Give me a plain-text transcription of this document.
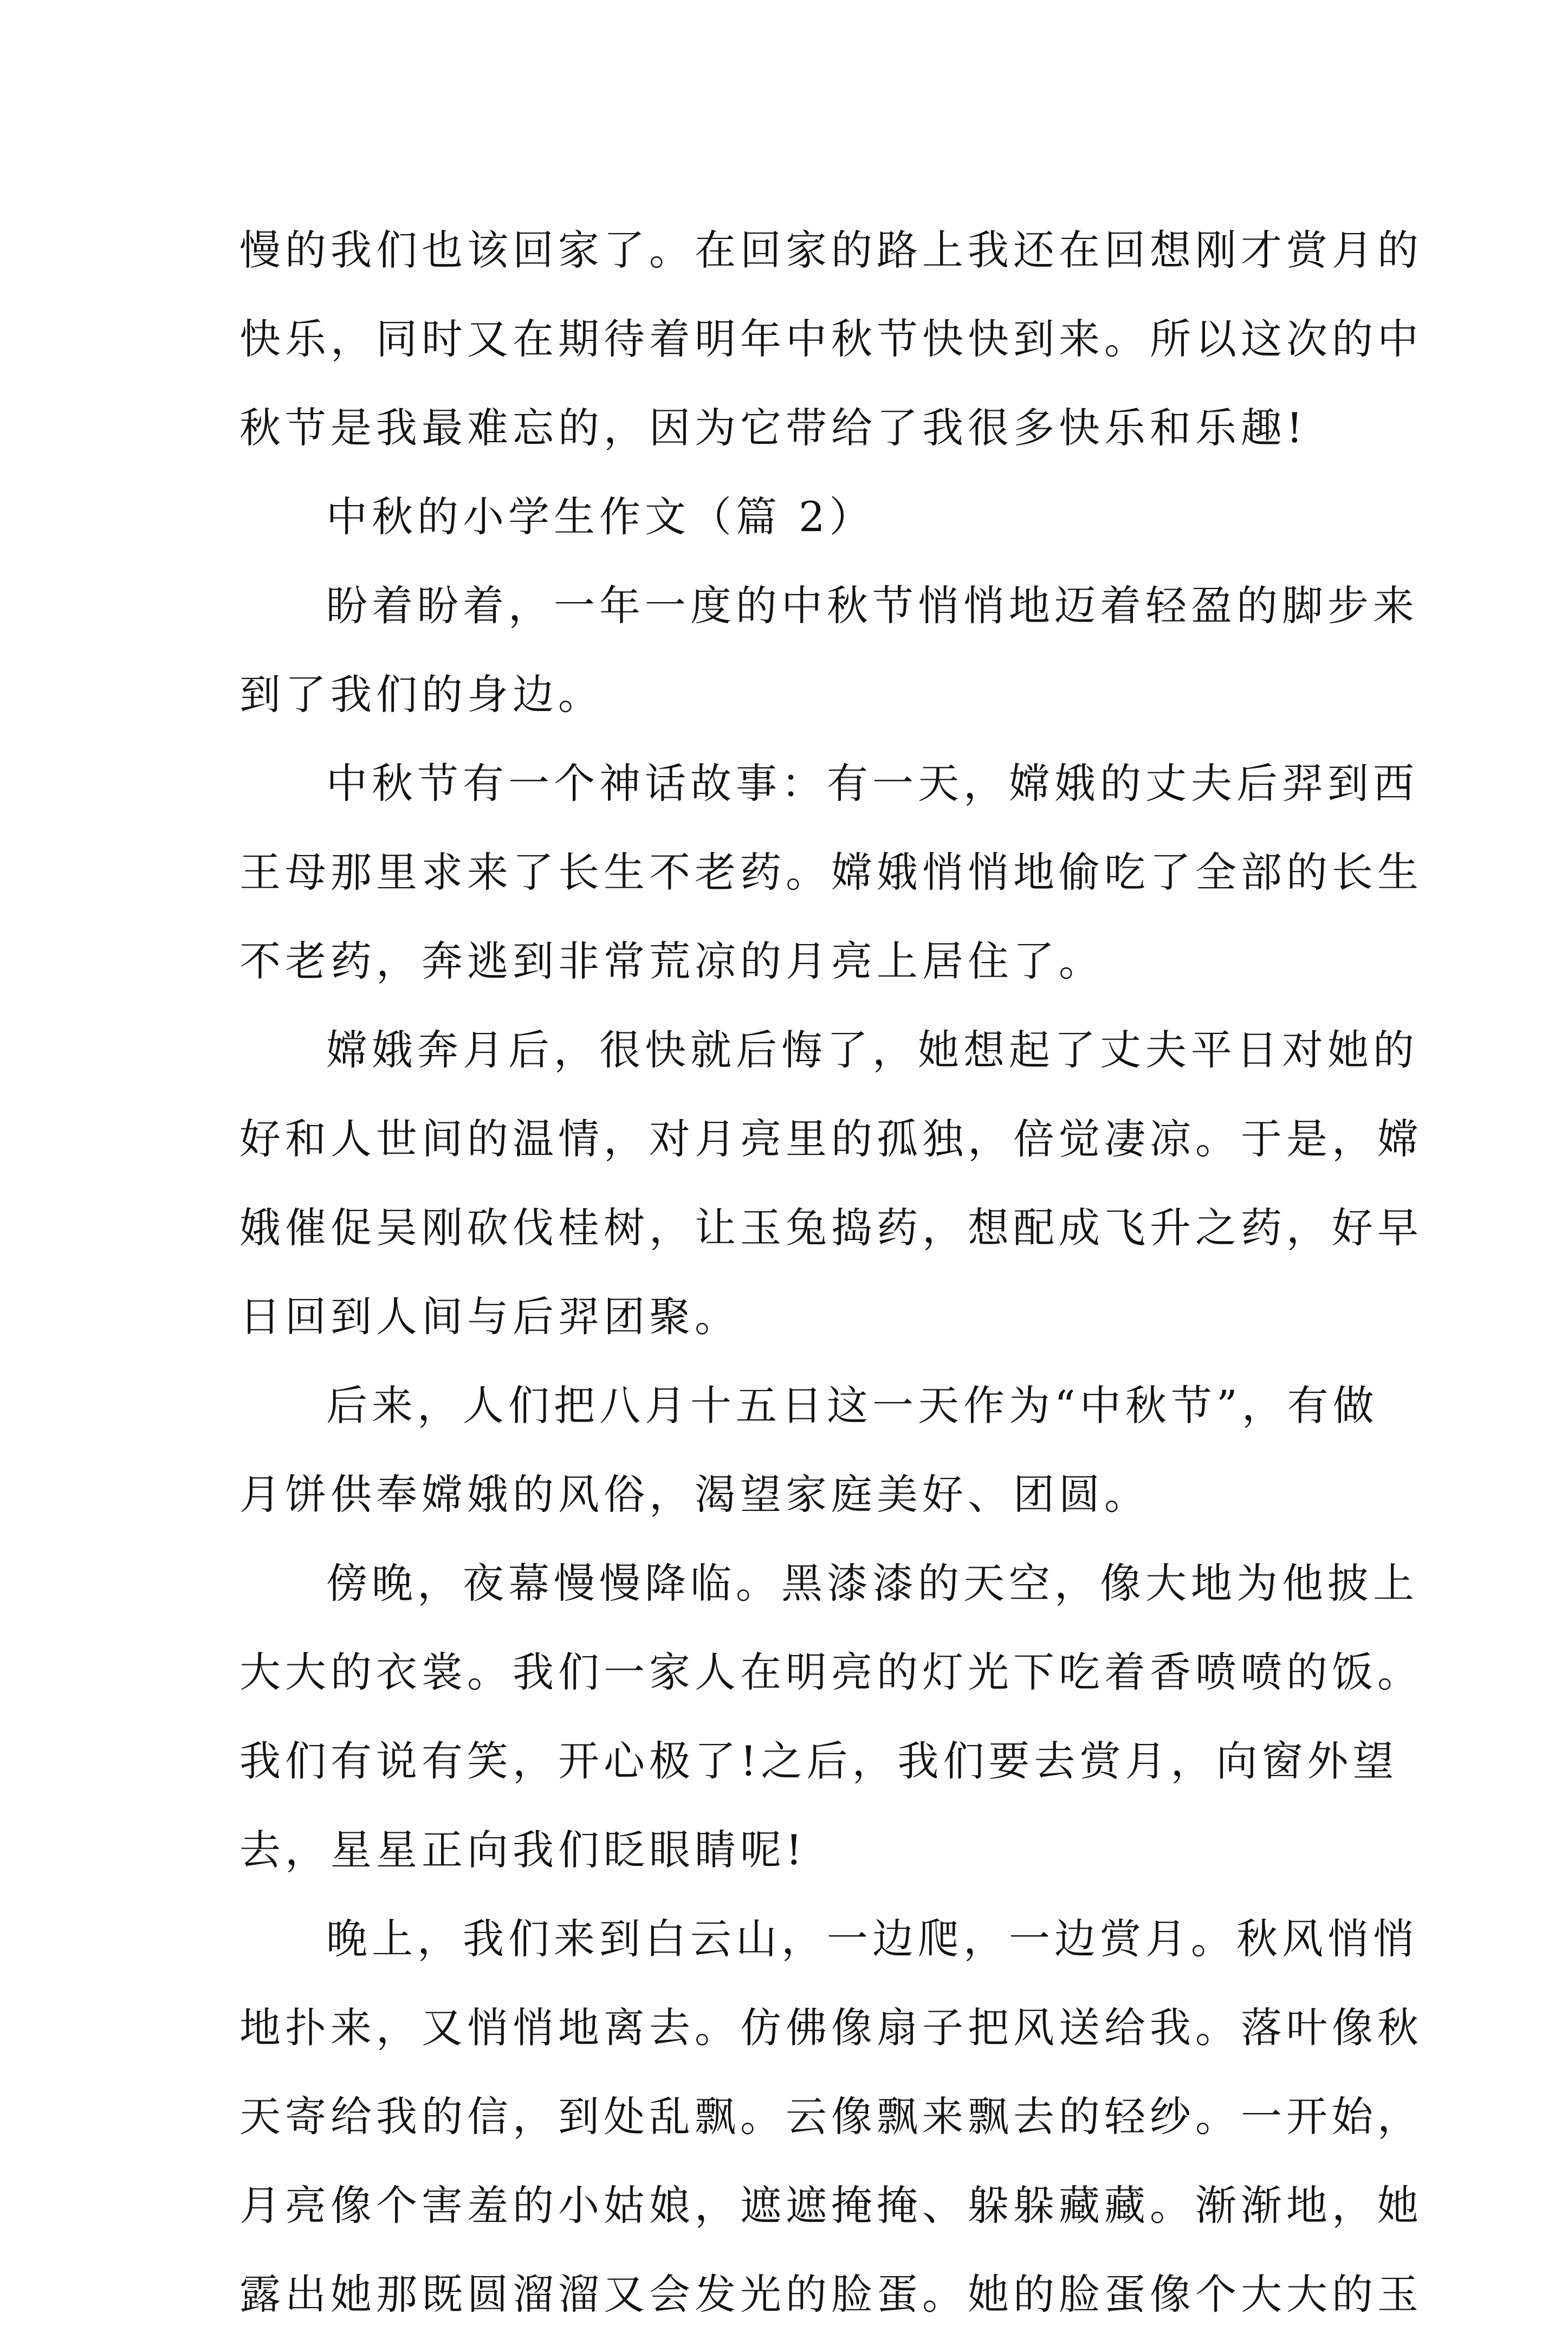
慢的我们也该回家了。在回家的路上我还在回想刚才赏月的
快乐，同时又在期待着明年中秋节快快到来。所以这次的中
秋节是我最难忘的，因为它带给了我很多快乐和乐趣!
中秋的小学生作文（篇 2）
盼着盼着，一年一度的中秋节悄悄地迈着轻盈的脚步来
到了我们的身边。
中秋节有一个神话故事：有一天，嫦娥的丈夫后羿到西
王母那里求来了长生不老药。嫦娥悄悄地偷吃了全部的长生
不老药，奔逃到非常荒凉的月亮上居住了。
嫦娥奔月后，很快就后悔了，她想起了丈夫平日对她的
好和人世间的温情，对月亮里的孤独，倍觉凄凉。于是，嫦
娥催促吴刚砍伐桂树，让玉兔捣药，想配成飞升之药，好早
日回到人间与后羿团聚。
后来，人们把八月十五日这一天作为“中秋节”，有做
月饼供奉嫦娥的风俗，渴望家庭美好、团圆。
傍晚，夜幕慢慢降临。黑漆漆的天空，像大地为他披上
大大的衣裳。我们一家人在明亮的灯光下吃着香喷喷的饭。
我们有说有笑，开心极了!之后，我们要去赏月，向窗外望
去，星星正向我们眨眼睛呢!
晚上，我们来到白云山，一边爬，一边赏月。秋风悄悄
地扑来，又悄悄地离去。仿佛像扇子把风送给我。落叶像秋
天寄给我的信，到处乱飘。云像飘来飘去的轻纱。一开始，
月亮像个害羞的小姑娘，遮遮掩掩、躲躲藏藏。渐渐地，她
露出她那既圆溜溜又会发光的脸蛋。她的脸蛋像个大大的玉
